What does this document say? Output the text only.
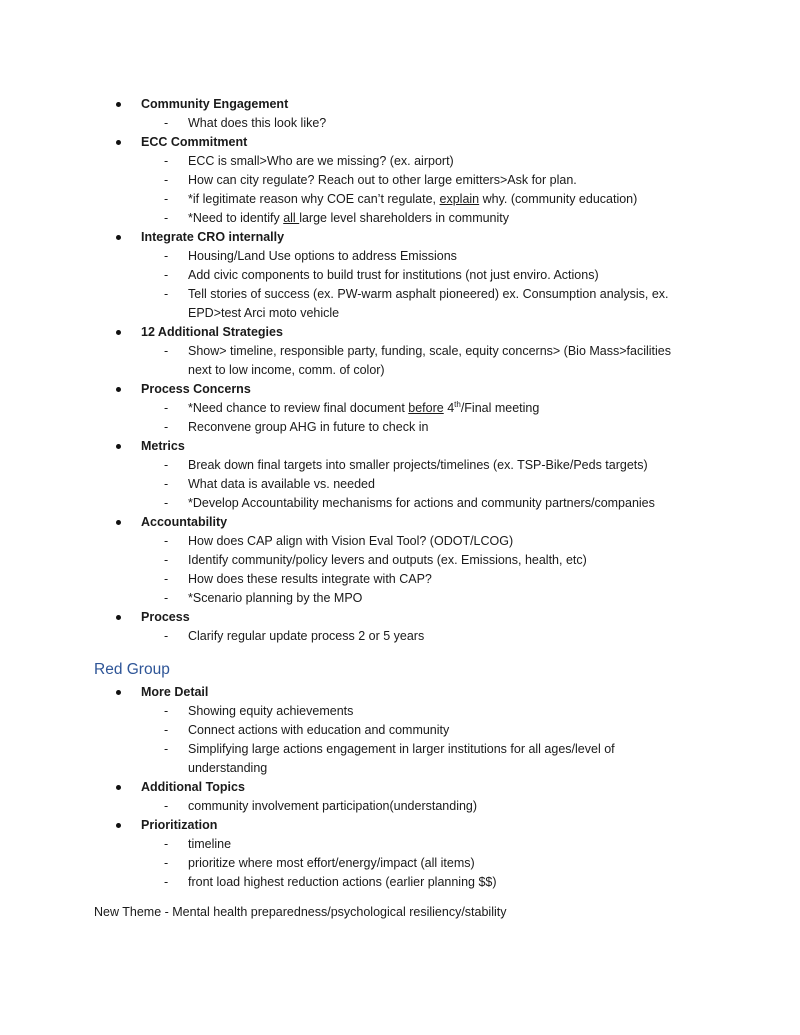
Community Engagement
- What does this look like?
ECC Commitment
- ECC is small>Who are we missing? (ex. airport)
- How can city regulate? Reach out to other large emitters>Ask for plan.
- *if legitimate reason why COE can’t regulate, explain why. (community education)
- *Need to identify all large level shareholders in community
Integrate CRO internally
- Housing/Land Use options to address Emissions
- Add civic components to build trust for institutions (not just enviro. Actions)
- Tell stories of success (ex. PW-warm asphalt pioneered) ex. Consumption analysis, ex.
EPD>test Arci moto vehicle
12 Additional Strategies
- Show> timeline, responsible party, funding, scale, equity concerns> (Bio Mass>facilities
next to low income, comm. of color)
Process Concerns
- *Need chance to review final document before 4th/Final meeting
- Reconvene group AHG in future to check in
Metrics
- Break down final targets into smaller projects/timelines (ex. TSP-Bike/Peds targets)
- What data is available vs. needed
- *Develop Accountability mechanisms for actions and community partners/companies
Accountability
- How does CAP align with Vision Eval Tool? (ODOT/LCOG)
- Identify community/policy levers and outputs (ex. Emissions, health, etc)
- How does these results integrate with CAP?
- *Scenario planning by the MPO
Process
- Clarify regular update process 2 or 5 years
Red Group
More Detail
- Showing equity achievements
- Connect actions with education and community
- Simplifying large actions engagement in larger institutions for all ages/level of
understanding
Additional Topics
- community involvement participation(understanding)
Prioritization
- timeline
- prioritize where most effort/energy/impact (all items)
- front load highest reduction actions (earlier planning $$)
New Theme - Mental health preparedness/psychological resiliency/stability
